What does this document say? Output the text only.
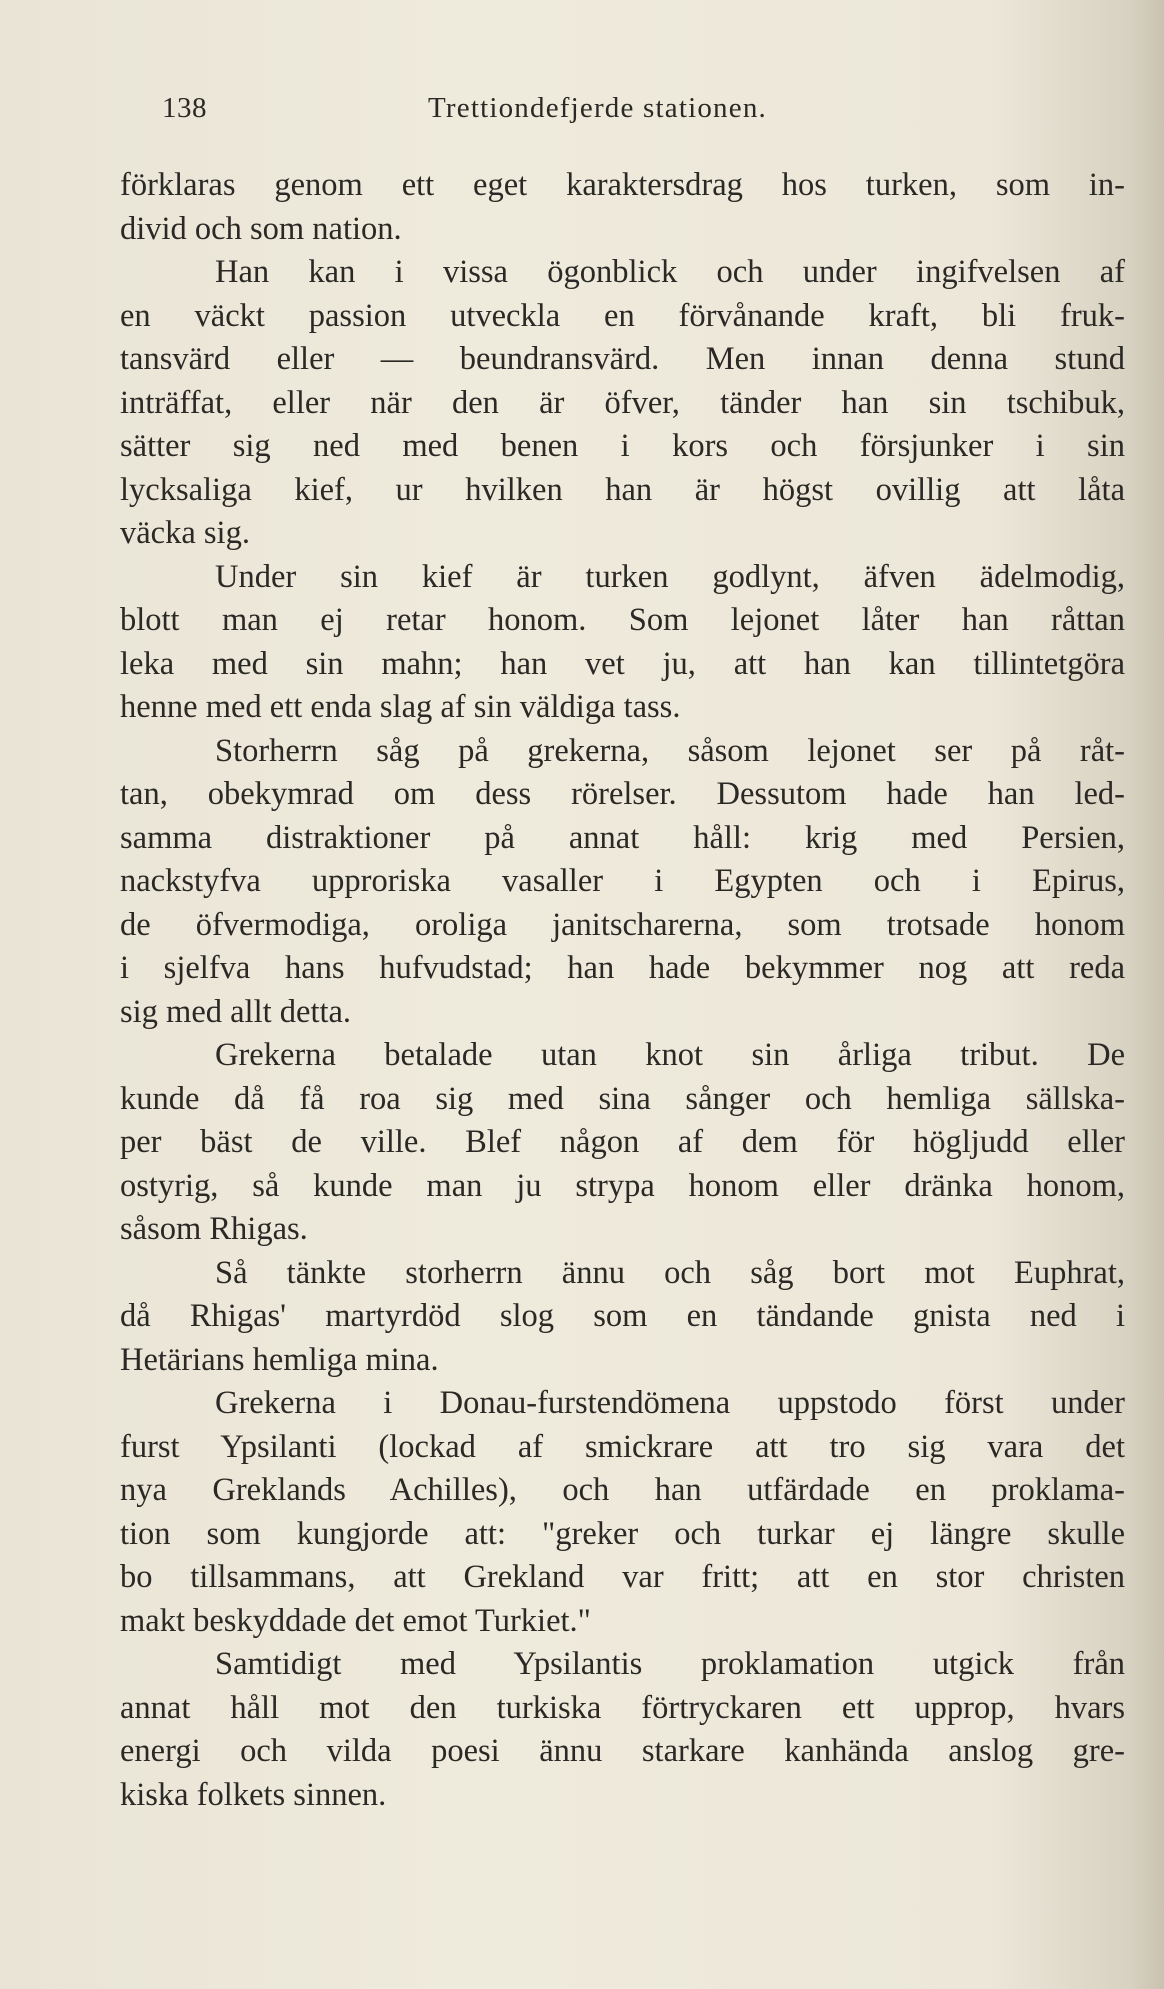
138	Trettiondefjerde stationen.
förklaras genom ett eget karaktersdrag hos turken, som in-
divid och som nation.
Han kan i vissa ögonblick och under ingifvelsen af
en väckt passion utveckla en förvånande kraft, bli fruk-
tansvärd eller — beundransvärd. Men innan denna stund
inträffat, eller när den är öfver, tänder han sin tschibuk,
sätter sig ned med benen i kors och försjunker i sin
lycksaliga kief, ur hvilken han är högst ovillig att låta
väcka sig.
Under sin kief är turken godlynt, äfven ädelmodig,
blott man ej retar honom. Som lejonet låter han råttan
leka med sin mahn; han vet ju, att han kan tillintetgöra
henne med ett enda slag af sin väldiga tass.
Storherrn såg på grekerna, såsom lejonet ser på råt-
tan, obekymrad om dess rörelser. Dessutom hade han led-
samma distraktioner på annat håll: krig med Persien,
nackstyfva upproriska vasaller i Egypten och i Epirus,
de öfvermodiga, oroliga janitscharerna, som trotsade honom
i sjelfva hans hufvudstad; han hade bekymmer nog att reda
sig med allt detta.
Grekerna betalade utan knot sin årliga tribut. De
kunde då få roa sig med sina sånger och hemliga sällska-
per bäst de ville. Blef någon af dem för högljudd eller
ostyrig, så kunde man ju strypa honom eller dränka honom,
såsom Rhigas.
Så tänkte storherrn ännu och såg bort mot Euphrat,
då Rhigas' martyrdöd slog som en tändande gnista ned i
Hetärians hemliga mina.
Grekerna i Donau-furstendömena uppstodo först under
furst Ypsilanti (lockad af smickrare att tro sig vara det
nya Greklands Achilles), och han utfärdade en proklama-
tion som kungjorde att: "greker och turkar ej längre skulle
bo tillsammans, att Grekland var fritt; att en stor christen
makt beskyddade det emot Turkiet."
Samtidigt med Ypsilantis proklamation utgick från
annat håll mot den turkiska förtryckaren ett upprop, hvars
energi och vilda poesi ännu starkare kanhända anslog gre-
kiska folkets sinnen.
